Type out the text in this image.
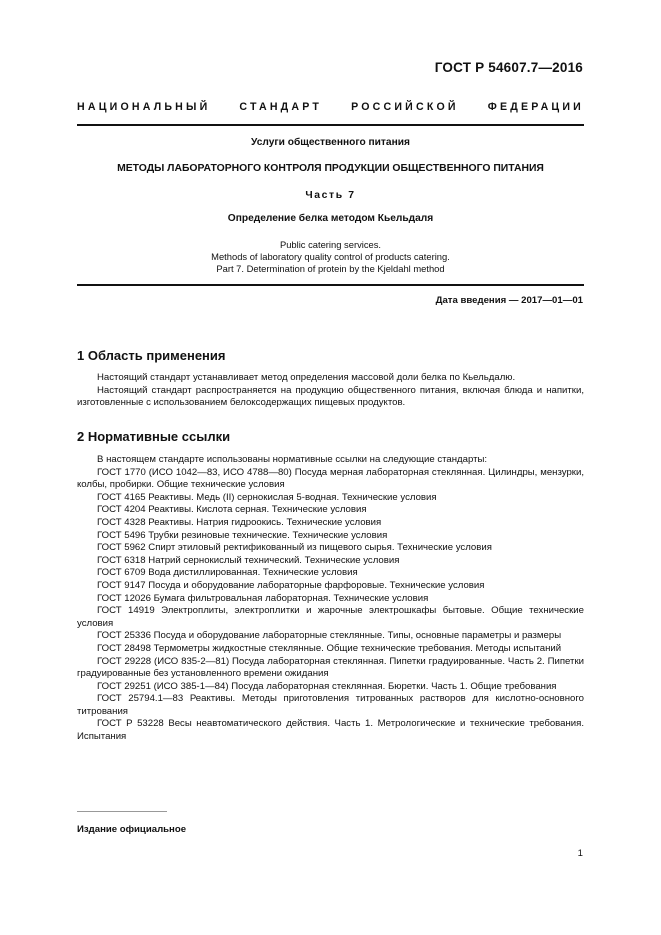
ГОСТ Р 54607.7—2016
НАЦИОНАЛЬНЫЙ СТАНДАРТ РОССИЙСКОЙ ФЕДЕРАЦИИ
Услуги общественного питания
МЕТОДЫ ЛАБОРАТОРНОГО КОНТРОЛЯ ПРОДУКЦИИ ОБЩЕСТВЕННОГО ПИТАНИЯ
Часть 7
Определение белка методом Кьельдаля
Public catering services.
Methods of laboratory quality control of products catering.
Part 7. Determination of protein by the Kjeldahl method
Дата введения — 2017—01—01
1 Область применения

Настоящий стандарт устанавливает метод определения массовой доли белка по Кьельдалю.

Настоящий стандарт распространяется на продукцию общественного питания, включая блюда и напитки, изготовленные с использованием белоксодержащих пищевых продуктов.

2 Нормативные ссылки

В настоящем стандарте использованы нормативные ссылки на следующие стандарты:

ГОСТ 1770 (ИСО 1042—83, ИСО 4788—80) Посуда мерная лабораторная стеклянная. Цилиндры, мензурки, колбы, пробирки. Общие технические условия

ГОСТ 4165 Реактивы. Медь (II) сернокислая 5-водная. Технические условия

ГОСТ 4204 Реактивы. Кислота серная. Технические условия

ГОСТ 4328 Реактивы. Натрия гидроокись. Технические условия

ГОСТ 5496 Трубки резиновые технические. Технические условия

ГОСТ 5962 Спирт этиловый ректификованный из пищевого сырья. Технические условия

ГОСТ 6318 Натрий сернокислый технический. Технические условия

ГОСТ 6709 Вода дистиллированная. Технические условия

ГОСТ 9147 Посуда и оборудование лабораторные фарфоровые. Технические условия

ГОСТ 12026 Бумага фильтровальная лабораторная. Технические условия

ГОСТ 14919 Электроплиты, электроплитки и жарочные электрошкафы бытовые. Общие технические условия

ГОСТ 25336 Посуда и оборудование лабораторные стеклянные. Типы, основные параметры и размеры

ГОСТ 28498 Термометры жидкостные стеклянные. Общие технические требования. Методы испытаний

ГОСТ 29228 (ИСО 835-2—81) Посуда лабораторная стеклянная. Пипетки градуированные. Часть 2. Пипетки градуированные без установленного времени ожидания

ГОСТ 29251 (ИСО 385-1—84) Посуда лабораторная стеклянная. Бюретки. Часть 1. Общие требования

ГОСТ 25794.1—83 Реактивы. Методы приготовления титрованных растворов для кислотно-основного титрования

ГОСТ Р 53228 Весы неавтоматического действия. Часть 1. Метрологические и технические требования. Испытания

Издание официальное
1
